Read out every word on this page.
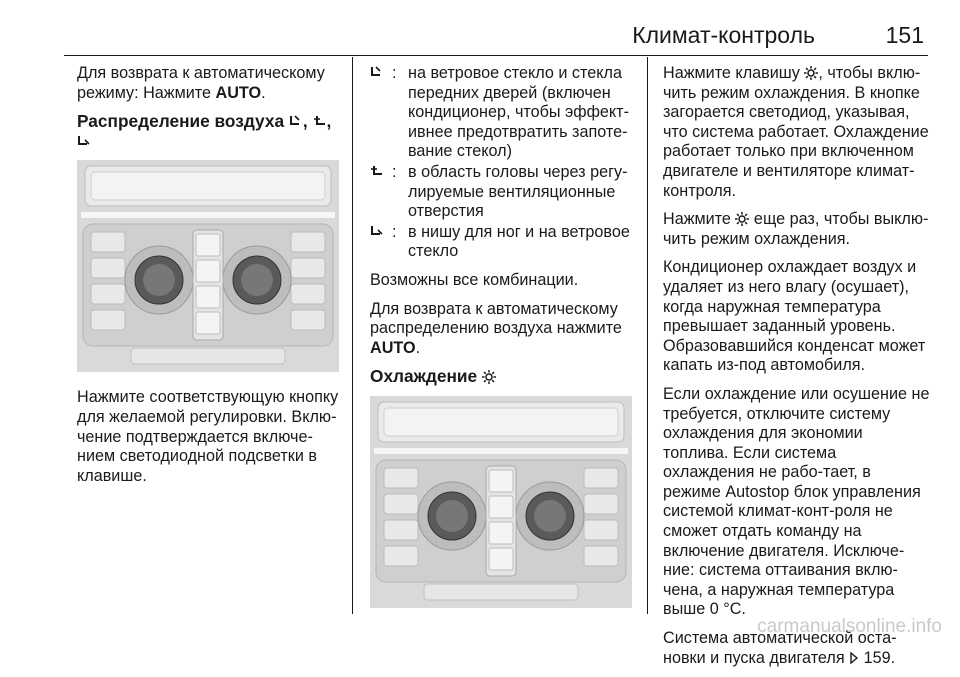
Климат-контроль	151

Для возврата к автоматическому режиму: Нажмите AUTO.

Распределение воздуха , ,

Нажмите соответствующую кнопку для желаемой регулировки. Вклю-чение подтверждается включе-нием светодиодной подсветки в клавише.

: на ветровое стекло и стекла передних дверей (включен кондиционер, чтобы эффект-ивнее предотвратить запоте-вание стекол)
: в область головы через регу-лируемые вентиляционные отверстия
: в нишу для ног и на ветровое стекло

Возможны все комбинации.

Для возврата к автоматическому распределению воздуха нажмите AUTO.

Охлаждение

Нажмите клавишу , чтобы вклю-чить режим охлаждения. В кнопке загорается светодиод, указывая, что система работает. Охлаждение работает только при включенном двигателе и вентиляторе климат-контроля.

Нажмите  еще раз, чтобы выклю-чить режим охлаждения.

Кондиционер охлаждает воздух и удаляет из него влагу (осушает), когда наружная температура превышает заданный уровень. Образовавшийся конденсат может капать из-под автомобиля.

Если охлаждение или осушение не требуется, отключите систему охлаждения для экономии топлива. Если система охлаждения не рабо-тает, в режиме Autostop блок управления системой климат-конт-роля не сможет отдать команду на включение двигателя. Исключе-ние: система оттаивания вклю-чена, а наружная температура выше 0 °C.

Система автоматической оста-новки и пуска двигателя  159.

carmanualsonline.info
